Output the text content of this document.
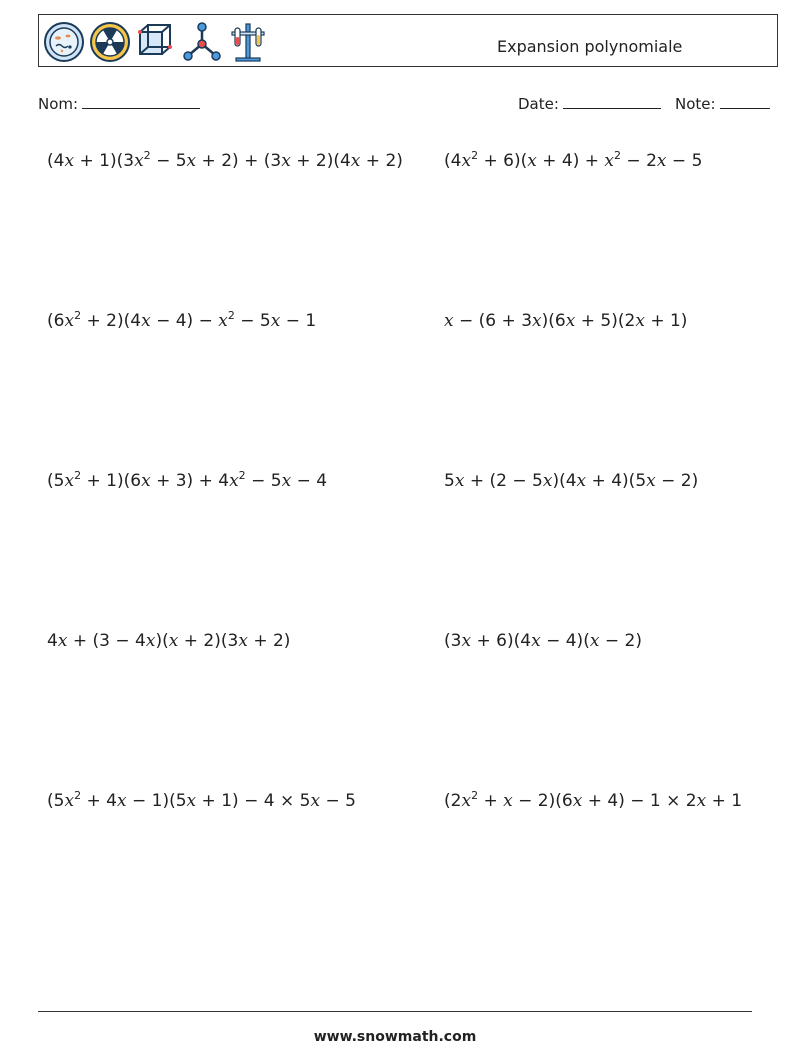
Expansion polynomiale
Nom:	Date:	Note:
$(4x + 1)(3x^2 - 5x + 2) + (3x + 2)(4x + 2)$ $(4x^2 + 6)(x + 4) + x^2 - 2x - 5$
$(6x^2 + 2)(4x - 4) - x^2 - 5x - 1$	x − (6 + 3x)(6x + 5)(2x + 1)
$(5x^2 + 1)(6x + 3) + 4x^2 - 5x - 4$	5x + (2 − 5x)(4x + 4)(5x − 2)
4x + (3 − 4x)(x + 2)(3x + 2)	(3x + 6)(4x − 4)(x − 2)
$(5x^2 + 4x - 1)(5x + 1) - 4 \times 5x - 5$	$(2x^2 + x - 2)(6x + 4) - 1 \times 2x + 1$
www.snowmath.com
